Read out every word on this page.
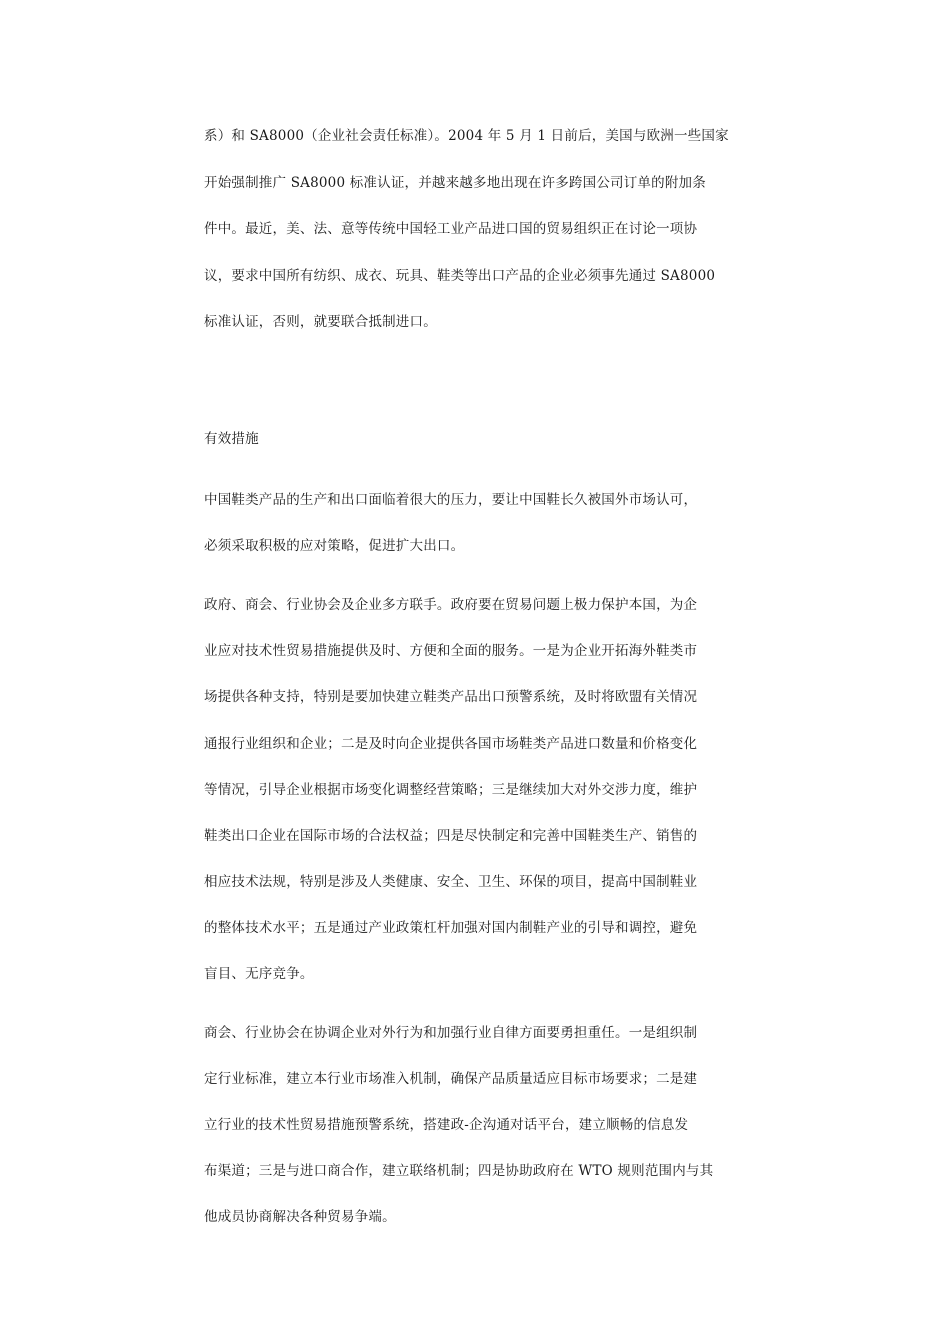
系）和 SA8000（企业社会责任标准）。2004 年 5 月 1 日前后，美国与欧洲一些国家

开始强制推广 SA8000 标准认证，并越来越多地出现在许多跨国公司订单的附加条

件中。最近，美、法、意等传统中国轻工业产品进口国的贸易组织正在讨论一项协

议，要求中国所有纺织、成衣、玩具、鞋类等出口产品的企业必须事先通过 SA8000

标准认证，否则，就要联合抵制进口。

有效措施

中国鞋类产品的生产和出口面临着很大的压力，要让中国鞋长久被国外市场认可，

必须采取积极的应对策略，促进扩大出口。

政府、商会、行业协会及企业多方联手。政府要在贸易问题上极力保护本国，为企

业应对技术性贸易措施提供及时、方便和全面的服务。一是为企业开拓海外鞋类市

场提供各种支持，特别是要加快建立鞋类产品出口预警系统，及时将欧盟有关情况

通报行业组织和企业；二是及时向企业提供各国市场鞋类产品进口数量和价格变化

等情况，引导企业根据市场变化调整经营策略；三是继续加大对外交涉力度，维护

鞋类出口企业在国际市场的合法权益；四是尽快制定和完善中国鞋类生产、销售的

相应技术法规，特别是涉及人类健康、安全、卫生、环保的项目，提高中国制鞋业

的整体技术水平；五是通过产业政策杠杆加强对国内制鞋产业的引导和调控，避免

盲目、无序竞争。

商会、行业协会在协调企业对外行为和加强行业自律方面要勇担重任。一是组织制

定行业标准，建立本行业市场准入机制，确保产品质量适应目标市场要求；二是建

立行业的技术性贸易措施预警系统，搭建政-企沟通对话平台，建立顺畅的信息发

布渠道；三是与进口商合作，建立联络机制；四是协助政府在 WTO 规则范围内与其

他成员协商解决各种贸易争端。
